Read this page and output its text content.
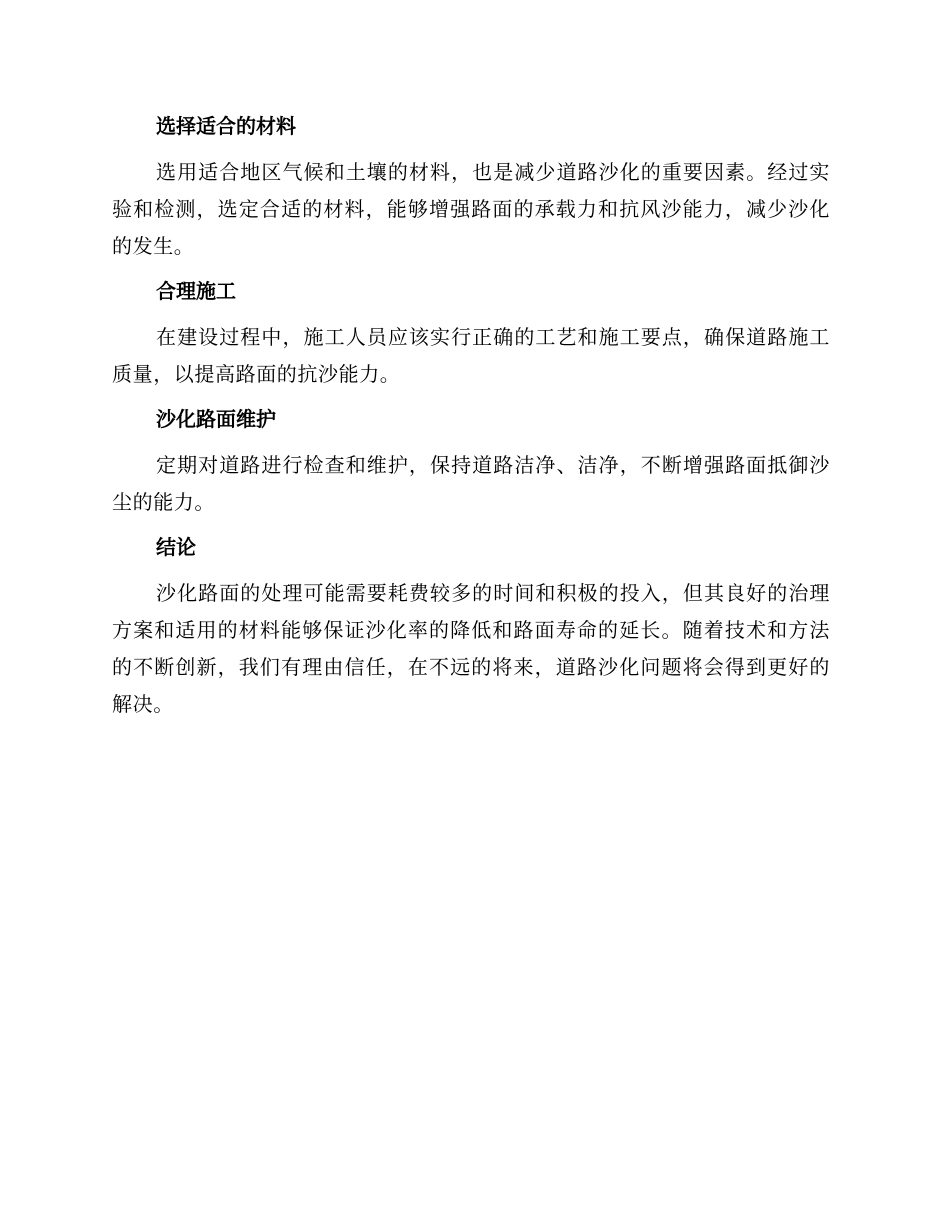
选择适合的材料

选用适合地区气候和土壤的材料，也是减少道路沙化的重要因素。经过实验和检测，选定合适的材料，能够增强路面的承载力和抗风沙能力，减少沙化的发生。

合理施工

在建设过程中，施工人员应该实行正确的工艺和施工要点，确保道路施工质量，以提高路面的抗沙能力。

沙化路面维护

定期对道路进行检查和维护，保持道路洁净、洁净，不断增强路面抵御沙尘的能力。

结论

沙化路面的处理可能需要耗费较多的时间和积极的投入，但其良好的治理方案和适用的材料能够保证沙化率的降低和路面寿命的延长。随着技术和方法的不断创新，我们有理由信任，在不远的将来，道路沙化问题将会得到更好的解决。
